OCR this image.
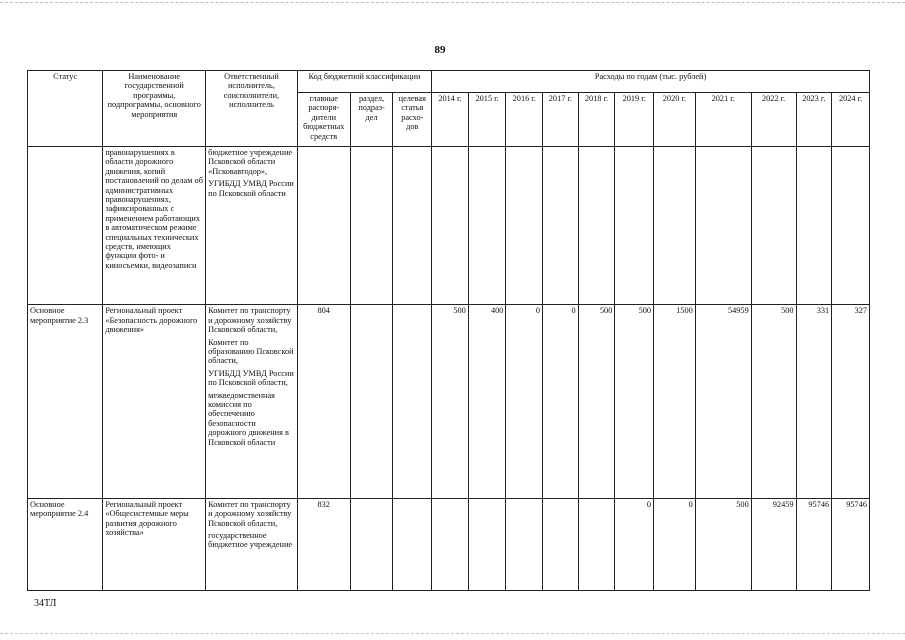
89
Статус	Наименование государственной программы, подпрограммы, основного мероприятия	Ответственный исполнитель, соисполнители, исполнитель	Код бюджетной классификации			Расходы по годам (тыс. рублей)										
			главные распоря-дители бюджетных средств	раздел, подраз-дел	целевая статья расхо-дов	2014 г.	2015 г.	2016 г.	2017 г.	2018 г.	2019 г.	2020 г.	2021 г.	2022 г.	2023 г.	2024 г.
	правонарушениях в области дорожного движения, копий постановлений по делам об административных правонарушениях, зафиксированных с применением работающих в автоматическом режиме специальных технических средств, имеющих функции фото- и киносъемки, видеозаписи	бюджетное учреждение Псковской области «Псковавтодор»,
УГИБДД УМВД России по Псковской области														

Основное мероприятие 2.3	Региональный проект «Безопасность дорожного движения»	Комитет по транспорту и дорожному хозяйству Псковской области,
Комитет по образованию Псковской области,
УГИБДД УМВД России по Псковской области,
межведомственная комиссия по обеспечению безопасности дорожного движения в Псковской области	804			500	400	0	0	500	500	1500	54959	500	331	327
Основное мероприятие 2.4	Региональный проект «Общесистемные меры развития дорожного хозяйства»	Комитет по транспорту и дорожному хозяйству Псковской области,
государственное бюджетное учреждение	832								0	0	500	92459	95746	95746
34ТЛ
